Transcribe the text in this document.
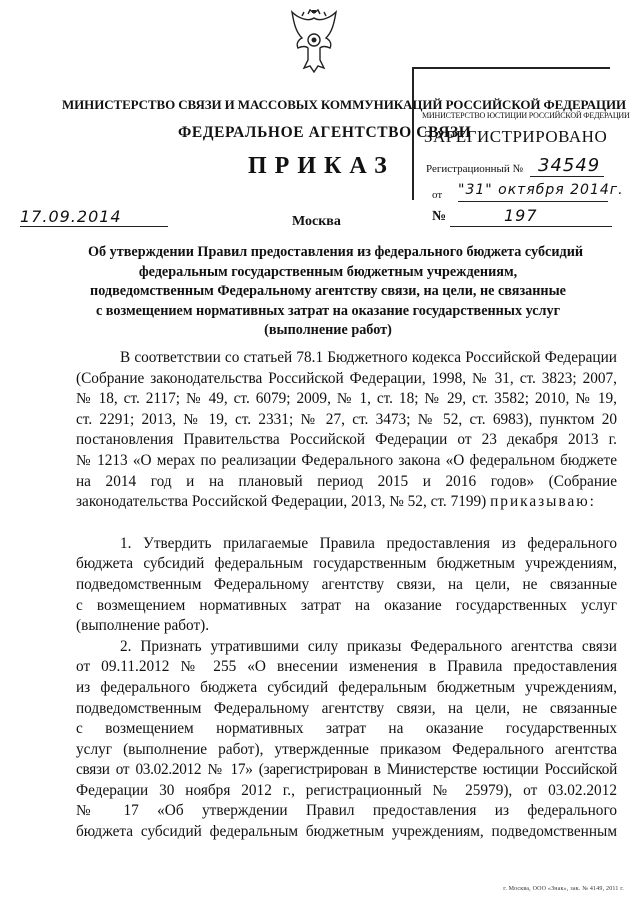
МИНИСТЕРСТВО СВЯЗИ И МАССОВЫХ КОММУНИКАЦИЙ РОССИЙСКОЙ ФЕДЕРАЦИИ
ФЕДЕРАЛЬНОЕ АГЕНТСТВО СВЯЗИ
ПРИКАЗ
МИНИСТЕРСТВО ЮСТИЦИИ РОССИЙСКОЙ ФЕДЕРАЦИИ
ЗАРЕГИСТРИРОВАНО
Регистрационный № 34549
от "31" октября 2014г.
17.09.2014	Москва	№	197
Об утверждении Правил предоставления из федерального бюджета субсидий
федеральным государственным бюджетным учреждениям,
подведомственным Федеральному агентству связи, на цели, не связанные
с возмещением нормативных затрат на оказание государственных услуг
(выполнение работ)
В соответствии со статьей 78.1 Бюджетного кодекса Российской Федерации
(Собрание законодательства Российской Федерации, 1998, № 31, ст. 3823; 2007,
№ 18, ст. 2117; № 49, ст. 6079; 2009, № 1, ст. 18; № 29, ст. 3582; 2010, № 19,
ст. 2291; 2013, № 19, ст. 2331; № 27, ст. 3473; № 52, ст. 6983), пунктом 20
постановления Правительства Российской Федерации от 23 декабря 2013 г.
№ 1213 «О мерах по реализации Федерального закона «О федеральном бюджете
на 2014 год и на плановый период 2015 и 2016 годов» (Собрание
законодательства Российской Федерации, 2013, № 52, ст. 7199) приказываю:
1. Утвердить прилагаемые Правила предоставления из федерального
бюджета субсидий федеральным государственным бюджетным учреждениям,
подведомственным Федеральному агентству связи, на цели, не связанные
с возмещением нормативных затрат на оказание государственных услуг
(выполнение работ).
2. Признать утратившими силу приказы Федерального агентства связи
от 09.11.2012 № 255 «О внесении изменения в Правила предоставления
из федерального бюджета субсидий федеральным бюджетным учреждениям,
подведомственным Федеральному агентству связи, на цели, не связанные
с возмещением нормативных затрат на оказание государственных
услуг (выполнение работ), утвержденные приказом Федерального агентства
связи от 03.02.2012 № 17» (зарегистрирован в Министерстве юстиции Российской
Федерации 30 ноября 2012 г., регистрационный № 25979), от 03.02.2012
№ 17 «Об утверждении Правил предоставления из федерального
бюджета субсидий федеральным бюджетным учреждениям, подведомственным
г. Москва, ООО «Знак», зак. № 4149, 2011 г.
